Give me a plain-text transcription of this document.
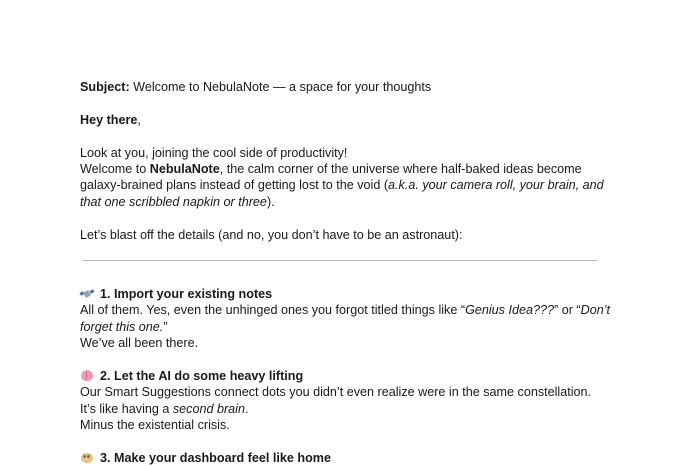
Subject: Welcome to NebulaNote — a space for your thoughts

Hey there,

Look at you, joining the cool side of productivity!

Welcome to NebulaNote, the calm corner of the universe where half-baked ideas become galaxy-brained plans instead of getting lost to the void (a.k.a. your camera roll, your brain, and that one scribbled napkin or three).

Let’s blast off the details (and no, you don’t have to be an astronaut):

1. Import your existing notes

All of them. Yes, even the unhinged ones you forgot titled things like “Genius Idea???” or “Don’t forget this one.”

We’ve all been there.

2. Let the AI do some heavy lifting

Our Smart Suggestions connect dots you didn’t even realize were in the same constellation.

It’s like having a second brain.

Minus the existential crisis.

3. Make your dashboard feel like home
